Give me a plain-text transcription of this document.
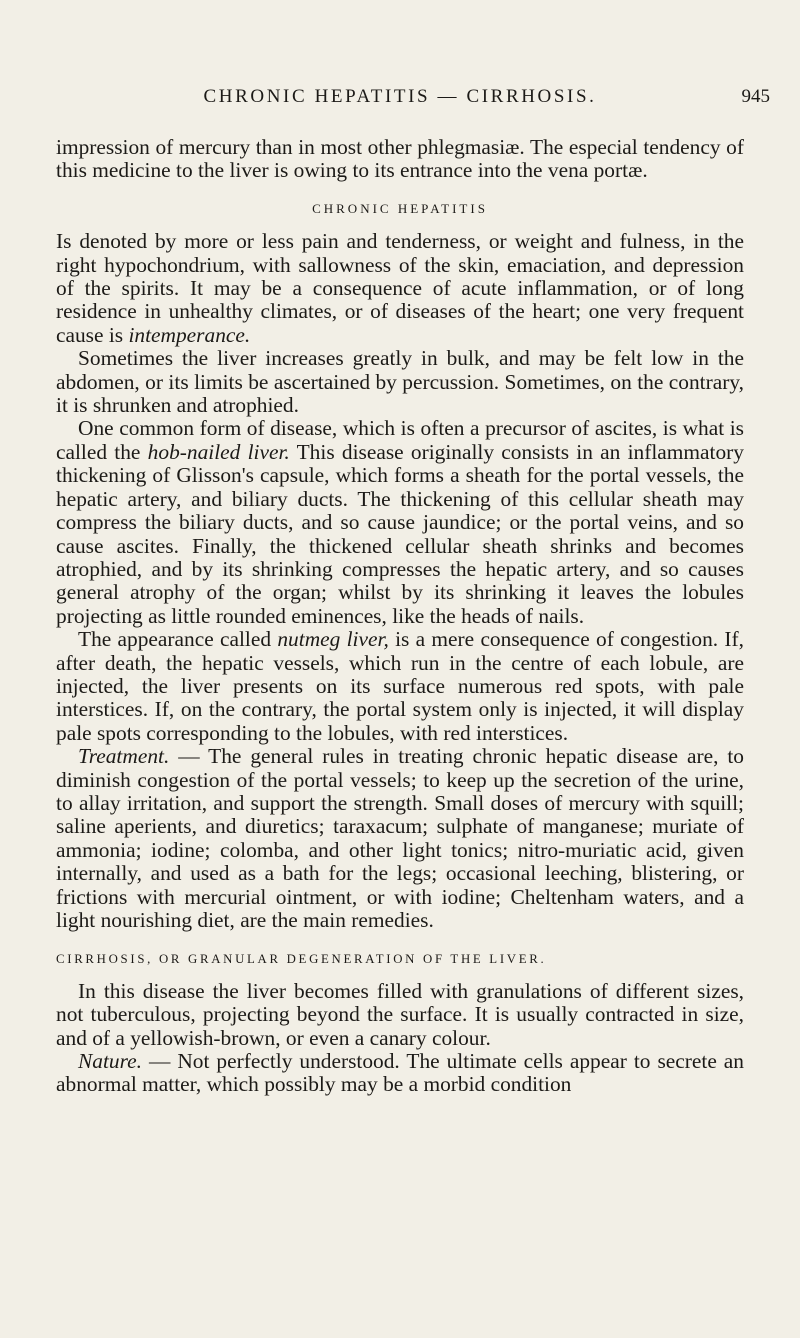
CHRONIC HEPATITIS — CIRRHOSIS.	945

impression of mercury than in most other phlegmasiæ. The especial tendency of this medicine to the liver is owing to its entrance into the vena portæ.

CHRONIC HEPATITIS

Is denoted by more or less pain and tenderness, or weight and fulness, in the right hypochondrium, with sallowness of the skin, emaciation, and depression of the spirits. It may be a consequence of acute inflammation, or of long residence in unhealthy climates, or of diseases of the heart; one very frequent cause is intemperance.

Sometimes the liver increases greatly in bulk, and may be felt low in the abdomen, or its limits be ascertained by percussion. Sometimes, on the contrary, it is shrunken and atrophied.

One common form of disease, which is often a precursor of ascites, is what is called the hob-nailed liver. This disease originally consists in an inflammatory thickening of Glisson's capsule, which forms a sheath for the portal vessels, the hepatic artery, and biliary ducts. The thickening of this cellular sheath may compress the biliary ducts, and so cause jaundice; or the portal veins, and so cause ascites. Finally, the thickened cellular sheath shrinks and becomes atrophied, and by its shrinking compresses the hepatic artery, and so causes general atrophy of the organ; whilst by its shrinking it leaves the lobules projecting as little rounded eminences, like the heads of nails.

The appearance called nutmeg liver, is a mere consequence of congestion. If, after death, the hepatic vessels, which run in the centre of each lobule, are injected, the liver presents on its surface numerous red spots, with pale interstices. If, on the contrary, the portal system only is injected, it will display pale spots corresponding to the lobules, with red interstices.

Treatment. — The general rules in treating chronic hepatic disease are, to diminish congestion of the portal vessels; to keep up the secretion of the urine, to allay irritation, and support the strength. Small doses of mercury with squill; saline aperients, and diuretics; taraxacum; sulphate of manganese; muriate of ammonia; iodine; colomba, and other light tonics; nitro-muriatic acid, given internally, and used as a bath for the legs; occasional leeching, blistering, or frictions with mercurial ointment, or with iodine; Cheltenham waters, and a light nourishing diet, are the main remedies.

CIRRHOSIS, OR GRANULAR DEGENERATION OF THE LIVER.

In this disease the liver becomes filled with granulations of different sizes, not tuberculous, projecting beyond the surface. It is usually contracted in size, and of a yellowish-brown, or even a canary colour.

Nature. — Not perfectly understood. The ultimate cells appear to secrete an abnormal matter, which possibly may be a morbid condition
